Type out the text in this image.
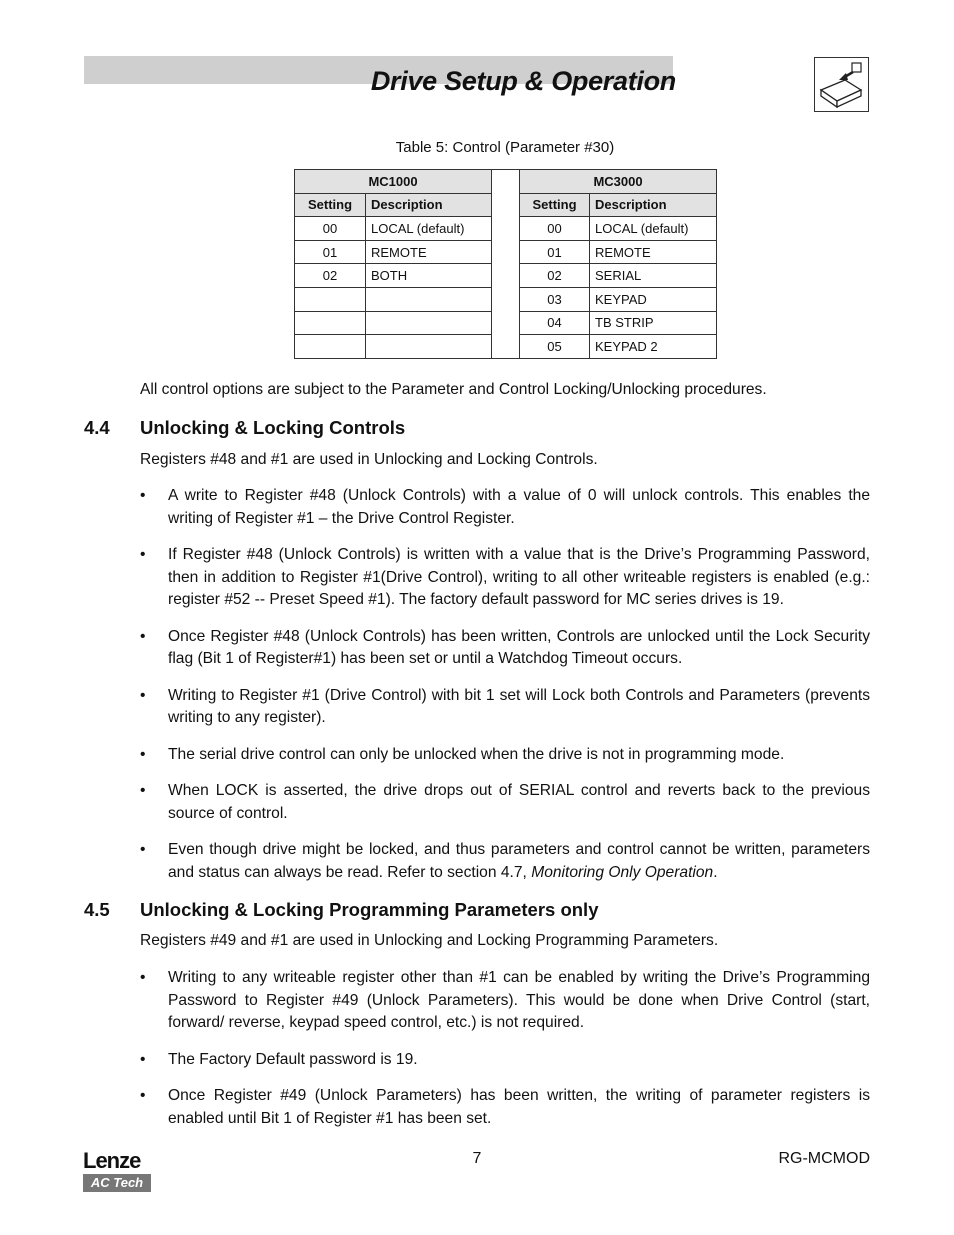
Drive Setup & Operation
Table 5: Control (Parameter #30)
MC1000			MC3000	
Setting	Description		Setting	Description
00	LOCAL (default)		00	LOCAL (default)
01	REMOTE		01	REMOTE
02	BOTH		02	SERIAL
			03	KEYPAD
			04	TB STRIP
			05	KEYPAD 2

All control options are subject to the Parameter and Control Locking/Unlocking procedures.

4.4 Unlocking & Locking Controls

Registers #48 and #1 are used in Unlocking and Locking Controls.

• A write to Register #48 (Unlock Controls) with a value of 0 will unlock controls. This enables the writing of Register #1 – the Drive Control Register.
• If Register #48 (Unlock Controls) is written with a value that is the Drive’s Programming Password, then in addition to Register #1(Drive Control), writing to all other writeable registers is enabled (e.g.: register #52 -- Preset Speed #1). The factory default password for MC series drives is 19.
• Once Register #48 (Unlock Controls) has been written, Controls are unlocked until the Lock Security flag (Bit 1 of Register#1) has been set or until a Watchdog Timeout occurs.
• Writing to Register #1 (Drive Control) with bit 1 set will Lock both Controls and Parameters (prevents writing to any register).
• The serial drive control can only be unlocked when the drive is not in programming mode.
• When LOCK is asserted, the drive drops out of SERIAL control and reverts back to the previous source of control.
• Even though drive might be locked, and thus parameters and control cannot be written, parameters and status can always be read. Refer to section 4.7, Monitoring Only Operation.
4.5 Unlocking & Locking Programming Parameters only

Registers #49 and #1 are used in Unlocking and Locking Programming Parameters.

• Writing to any writeable register other than #1 can be enabled by writing the Drive’s Programming Password to Register #49 (Unlock Parameters). This would be done when Drive Control (start, forward/ reverse, keypad speed control, etc.) is not required.
• The Factory Default password is 19.
• Once Register #49 (Unlock Parameters) has been written, the writing of parameter registers is enabled until Bit 1 of Register #1 has been set.
Lenze
AC Tech
7	RG-MCMOD
